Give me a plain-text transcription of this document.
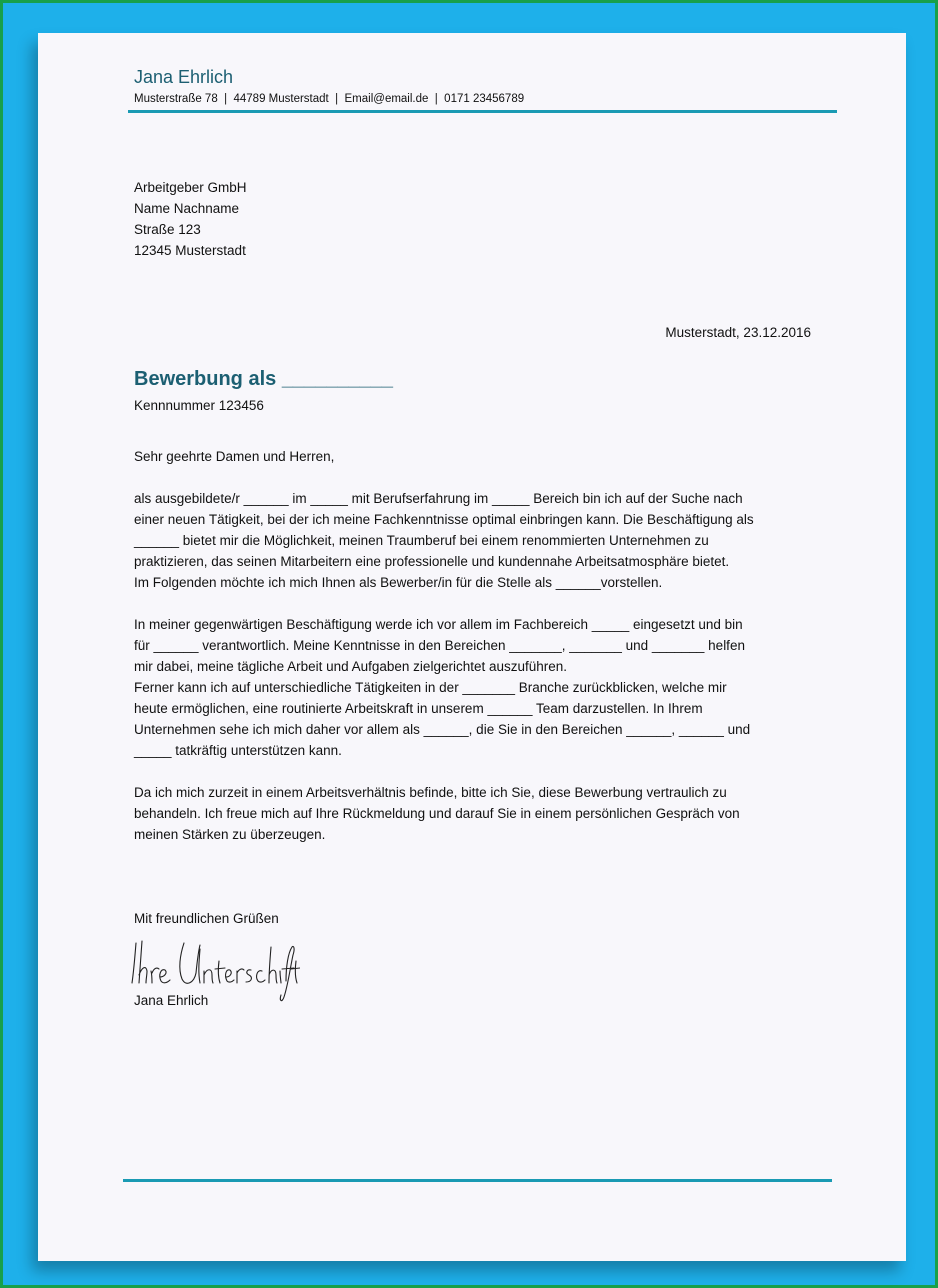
Jana Ehrlich
Musterstraße 78  |  44789 Musterstadt  |  Email@email.de  |  0171 23456789
Arbeitgeber GmbH
Name Nachname
Straße 123
12345 Musterstadt
Musterstadt, 23.12.2016
Bewerbung als __________
Kennnummer 123456

Sehr geehrte Damen und Herren,

als ausgebildete/r ______ im _____ mit Berufserfahrung im _____ Bereich bin ich auf der Suche nach
einer neuen Tätigkeit, bei der ich meine Fachkenntnisse optimal einbringen kann. Die Beschäftigung als
______ bietet mir die Möglichkeit, meinen Traumberuf bei einem renommierten Unternehmen zu
praktizieren, das seinen Mitarbeitern eine professionelle und kundennahe Arbeitsatmosphäre bietet.
Im Folgenden möchte ich mich Ihnen als Bewerber/in für die Stelle als ______vorstellen.
In meiner gegenwärtigen Beschäftigung werde ich vor allem im Fachbereich _____ eingesetzt und bin
für ______ verantwortlich. Meine Kenntnisse in den Bereichen _______, _______ und _______ helfen
mir dabei, meine tägliche Arbeit und Aufgaben zielgerichtet auszuführen.
Ferner kann ich auf unterschiedliche Tätigkeiten in der _______ Branche zurückblicken, welche mir
heute ermöglichen, eine routinierte Arbeitskraft in unserem ______ Team darzustellen. In Ihrem
Unternehmen sehe ich mich daher vor allem als ______, die Sie in den Bereichen ______, ______ und
_____ tatkräftig unterstützen kann.
Da ich mich zurzeit in einem Arbeitsverhältnis befinde, bitte ich Sie, diese Bewerbung vertraulich zu
behandeln. Ich freue mich auf Ihre Rückmeldung und darauf Sie in einem persönlichen Gespräch von
meinen Stärken zu überzeugen.

Mit freundlichen Grüßen

Jana Ehrlich
